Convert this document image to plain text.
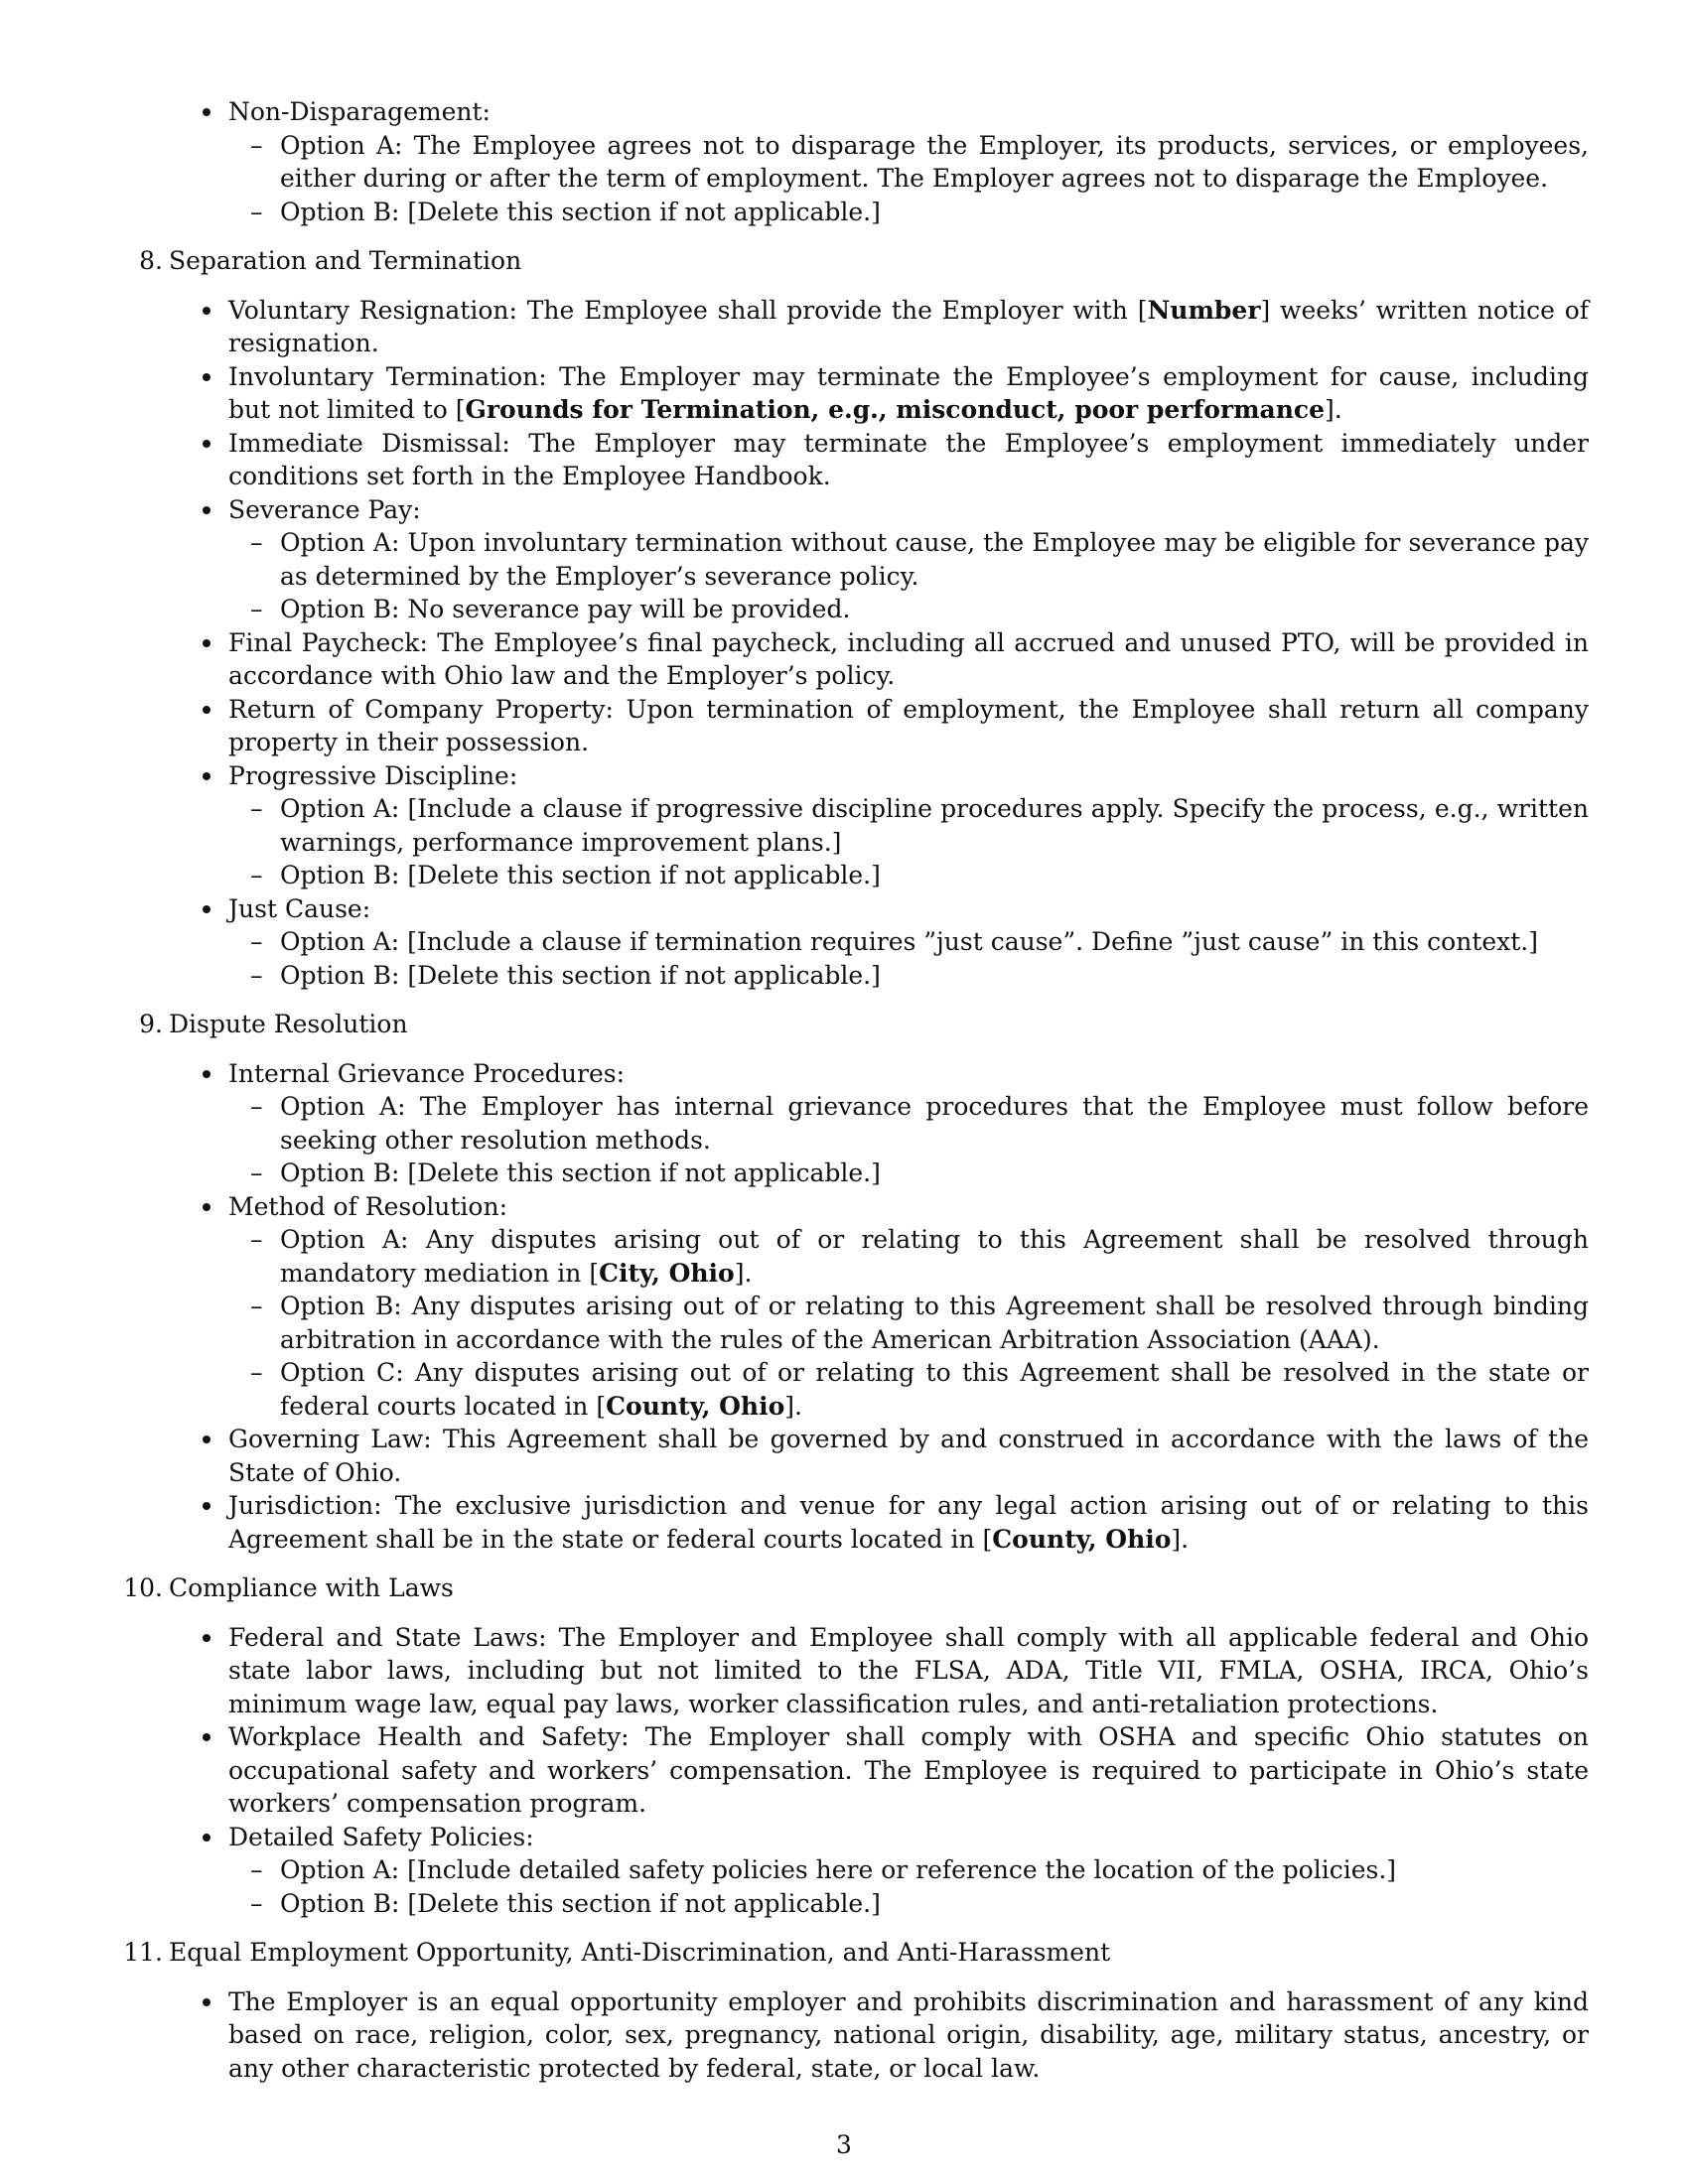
Non-Disparagement:
– Option A: The Employee agrees not to disparage the Employer, its products, services, or employees, either during or after the term of employment. The Employer agrees not to disparage the Employee.
– Option B: [Delete this section if not applicable.]
8. Separation and Termination
Voluntary Resignation: The Employee shall provide the Employer with [Number] weeks’ written notice of resignation.
Involuntary Termination: The Employer may terminate the Employee’s employment for cause, including but not limited to [Grounds for Termination, e.g., misconduct, poor performance].
Immediate Dismissal: The Employer may terminate the Employee’s employment immediately under conditions set forth in the Employee Handbook.
Severance Pay:
– Option A: Upon involuntary termination without cause, the Employee may be eligible for severance pay as determined by the Employer’s severance policy.
– Option B: No severance pay will be provided.
Final Paycheck: The Employee’s final paycheck, including all accrued and unused PTO, will be provided in accordance with Ohio law and the Employer’s policy.
Return of Company Property: Upon termination of employment, the Employee shall return all company property in their possession.
Progressive Discipline:
– Option A: [Include a clause if progressive discipline procedures apply. Specify the process, e.g., written warnings, performance improvement plans.]
– Option B: [Delete this section if not applicable.]
Just Cause:
– Option A: [Include a clause if termination requires ”just cause”. Define ”just cause” in this context.]
– Option B: [Delete this section if not applicable.]
9. Dispute Resolution
Internal Grievance Procedures:
– Option A: The Employer has internal grievance procedures that the Employee must follow before seeking other resolution methods.
– Option B: [Delete this section if not applicable.]
Method of Resolution:
– Option A: Any disputes arising out of or relating to this Agreement shall be resolved through mandatory mediation in [City, Ohio].
– Option B: Any disputes arising out of or relating to this Agreement shall be resolved through binding arbitration in accordance with the rules of the American Arbitration Association (AAA).
– Option C: Any disputes arising out of or relating to this Agreement shall be resolved in the state or federal courts located in [County, Ohio].
Governing Law: This Agreement shall be governed by and construed in accordance with the laws of the State of Ohio.
Jurisdiction: The exclusive jurisdiction and venue for any legal action arising out of or relating to this Agreement shall be in the state or federal courts located in [County, Ohio].
10. Compliance with Laws
Federal and State Laws: The Employer and Employee shall comply with all applicable federal and Ohio state labor laws, including but not limited to the FLSA, ADA, Title VII, FMLA, OSHA, IRCA, Ohio’s minimum wage law, equal pay laws, worker classification rules, and anti-retaliation protections.
Workplace Health and Safety: The Employer shall comply with OSHA and specific Ohio statutes on occupational safety and workers’ compensation. The Employee is required to participate in Ohio’s state workers’ compensation program.
Detailed Safety Policies:
– Option A: [Include detailed safety policies here or reference the location of the policies.]
– Option B: [Delete this section if not applicable.]
11. Equal Employment Opportunity, Anti-Discrimination, and Anti-Harassment
The Employer is an equal opportunity employer and prohibits discrimination and harassment of any kind based on race, religion, color, sex, pregnancy, national origin, disability, age, military status, ancestry, or any other characteristic protected by federal, state, or local law.
3
